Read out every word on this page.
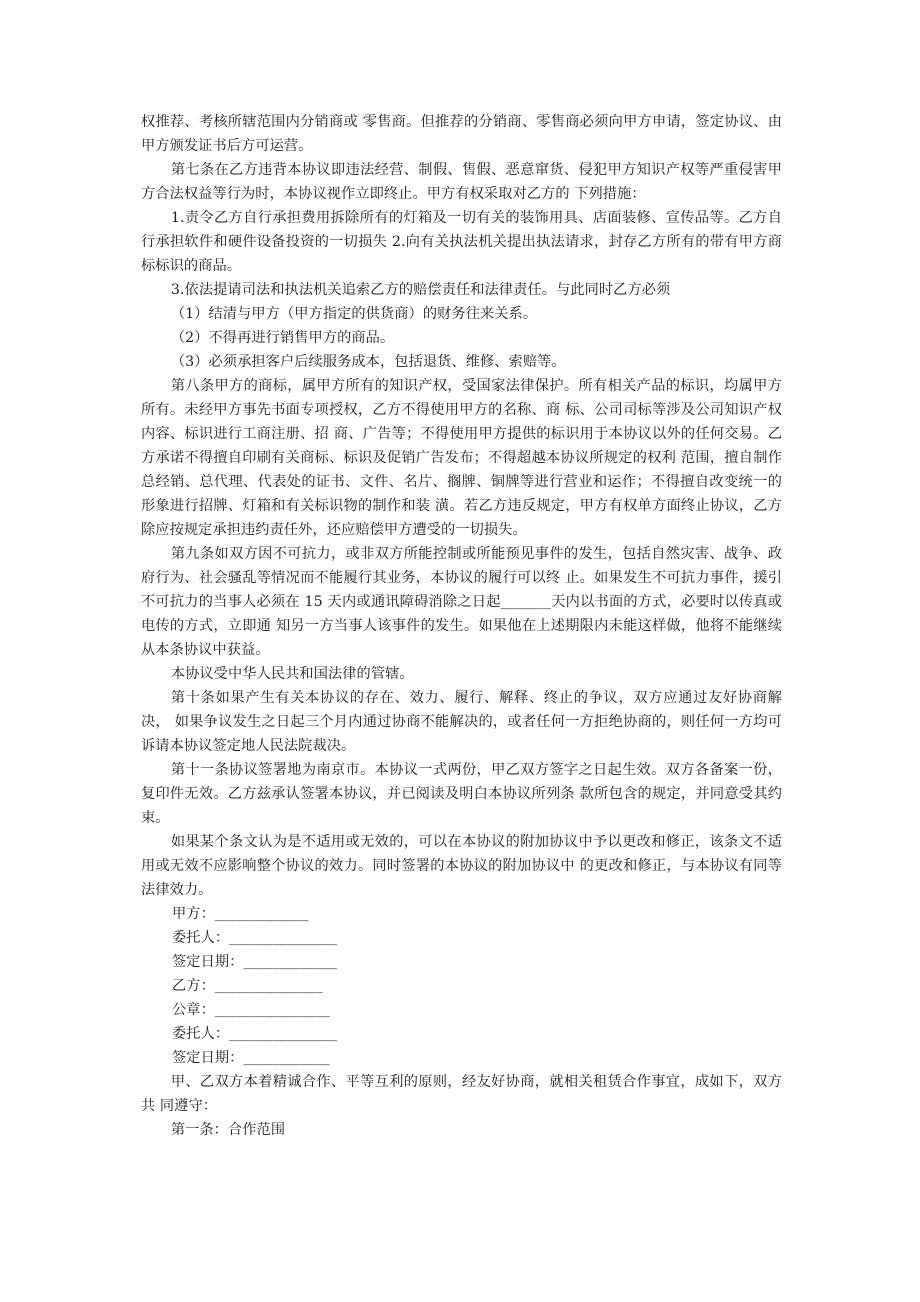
权推荐、考核所辖范围内分销商或 零售商。但推荐的分销商、零售商必须向甲方申请，签定协议、由甲方颁发证书后方可运营。

第七条在乙方违背本协议即违法经营、制假、售假、恶意窜货、侵犯甲方知识产权等严重侵害甲方合法权益等行为时，本协议视作立即终止。甲方有权采取对乙方的 下列措施：

1.责令乙方自行承担费用拆除所有的灯箱及一切有关的装饰用具、店面装修、宣传品等。乙方自行承担软件和硬件设备投资的一切损失 2.向有关执法机关提出执法请求，封存乙方所有的带有甲方商标标识的商品。

3.依法提请司法和执法机关追索乙方的赔偿责任和法律责任。与此同时乙方必须

（1）结清与甲方（甲方指定的供货商）的财务往来关系。

（2）不得再进行销售甲方的商品。

（3）必须承担客户后续服务成本，包括退货、维修、索赔等。

第八条甲方的商标，属甲方所有的知识产权，受国家法律保护。所有相关产品的标识，均属甲方所有。未经甲方事先书面专项授权，乙方不得使用甲方的名称、商 标、公司司标等涉及公司知识产权内容、标识进行工商注册、招 商、广告等；不得使用甲方提供的标识用于本协议以外的任何交易。乙方承诺不得擅自印刷有关商标、标识及促销广告发布；不得超越本协议所规定的权利 范围，擅自制作总经销、总代理、代表处的证书、文件、名片、搁牌、铜牌等进行营业和运作；不得擅自改变统一的形象进行招牌、灯箱和有关标识物的制作和装 潢。若乙方违反规定，甲方有权单方面终止协议，乙方除应按规定承担违约责任外，还应赔偿甲方遭受的一切损失。

第九条如双方因不可抗力，或非双方所能控制或所能预见事件的发生，包括自然灾害、战争、政府行为、社会骚乱等情况而不能履行其业务，本协议的履行可以终 止。如果发生不可抗力事件，援引不可抗力的当事人必须在 15 天内或通讯障碍消除之日起_______天内以书面的方式，必要时以传真或电传的方式，立即通 知另一方当事人该事件的发生。如果他在上述期限内未能这样做，他将不能继续从本条协议中获益。

本协议受中华人民共和国法律的管辖。

第十条如果产生有关本协议的存在、效力、履行、解释、终止的争议，双方应通过友好协商解决， 如果争议发生之日起三个月内通过协商不能解决的，或者任何一方拒绝协商的，则任何一方均可诉请本协议签定地人民法院裁决。

第十一条协议签署地为南京市。本协议一式两份，甲乙双方签字之日起生效。双方各备案一份，复印件无效。乙方兹承认签署本协议，并已阅读及明白本协议所列条 款所包含的规定，并同意受其约束。

如果某个条文认为是不适用或无效的，可以在本协议的附加协议中予以更改和修正，该条文不适用或无效不应影响整个协议的效力。同时签署的本协议的附加协议中 的更改和修正，与本协议有同等法律效力。

甲方：_____________

委托人：_______________

签定日期：_____________

乙方：_______________

公章：________________

委托人：_______________

签定日期：____________

甲、乙双方本着精诚合作、平等互利的原则，经友好协商，就相关租赁合作事宜，成如下，双方共 同遵守：

第一条：合作范围
